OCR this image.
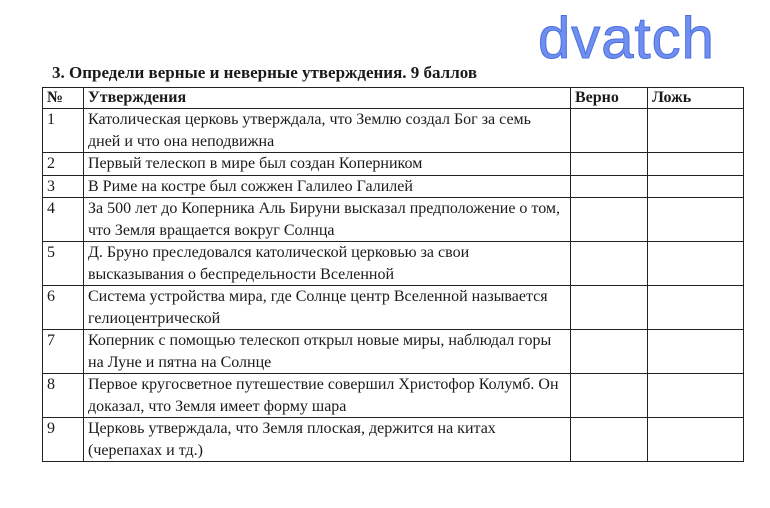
dvatch
3. Определи верные и неверные утверждения. 9 баллов
№	Утверждения	Верно	Ложь
1	Католическая церковь утверждала, что Землю создал Бог за семь дней и что она неподвижна		
2	Первый телескоп в мире был создан Коперником		
3	В Риме на костре был сожжен Галилео Галилей		
4	За 500 лет до Коперника Аль Бируни высказал предположение о том, что Земля вращается вокруг Солнца		
5	Д. Бруно преследовался католической церковью за свои высказывания о беспредельности Вселенной		
6	Система устройства мира, где Солнце центр Вселенной называется гелиоцентрической		
7	Коперник с помощью телескоп открыл новые миры, наблюдал горы на Луне и пятна на Солнце		
8	Первое кругосветное путешествие совершил Христофор Колумб. Он доказал, что Земля имеет форму шара		
9	Церковь утверждала, что Земля плоская, держится на китах (черепахах и тд.)		
